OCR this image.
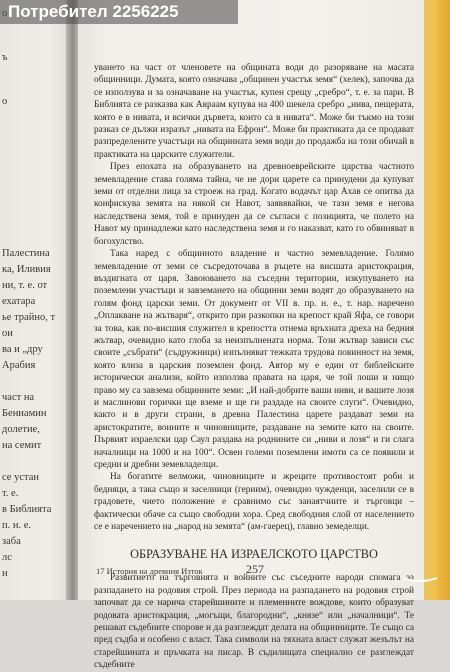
ъ
о
Палестина
ка, Иливия
ни, т. е. от
ехатара
ье трайно, т
ои
ва и „дру
Арабия
част на
Бениамин
долетие,
на семит
се устан
т. е.
в Библията
п. н. е.
заба
лс
н

уването на част от членовете на общината води до разоряване на масата общинници. Думата, която означава „общинен участък земя“ (хелек), започва да се използува и за означаване на участък, купен срещу „сребро“, т. е. за пари. В Библията се разказва как Авраам купува на 400 шекела сребро „нива, пещерата, която е в нивата, и всички дървета, които са в нивата“. Може би тъкмо на този разказ се дължи изразът „нивата на Ефрон“. Може би практиката да се продават разпределените участъци на общинната земя води до продажба на този обичай в практиката на царските служители.

През епохата на образуването на древноеврейските царства частното земевладение става голяма тайна, че не дори царете са принудени да купуват земи от отделни лица за строеж на град. Когато водачът цар Ахав се опитва да конфискува земята на някой си Навот, заявявайки, че тази земя е негова наследствена земя, той е принуден да се съгласи с позицията, че полето на Навот му принадлежи като наследствена земя и го наказват, като го обвиняват в богохулство.

Така наред с общинното владение и частно земевладение. Голямо земевладение от земи се съсредоточава в ръцете на висшата аристокрация, въздигната от царя. Завоюването на съседни територии, изкупуването на поземлени участъци и завземането на общинни земи водят до образуването на голям фонд царски земи. От документ от VII в. пр. н. е., т. нар. наречено „Оплакване на жътваря“, открито при разкопки на крепост край Яфа, се говори за това, как по-висшия служител в крепостта отнема връхната дреха на бедния жътвар, очевидно като глоба за неизпълнената норма. Този жътвар зависи със своите „събрати“ (съдружници) изпълняват тежката трудова повинност на земя, която влиза в царския поземлен фонд. Автор му е един от библейските исторически анализи, който използва правата на царя, че той лоши и нищо право му са завзема общинните земи: „И най-добрите ваши ниви, и вашите лозя и маслинови горички ще вземе и ще ги раздаде на своите слуги“. Очевидно, както и в други страни, в древна Палестина царете раздават земи на аристократите, воините и чиновниците, раздаване на земите като на своите. Първият израелски цар Саул раздава на роднините си „ниви и лозя“ и ги слага началници на 1000 и на 100“. Освен големи поземлени имоти са се появили и средни и дребни земевладелци.

На богатите велможи, чиновниците и жреците противостоят роби и бедняци, а така също и заселници (гериим), очевидно чужденци, заселили се в градовете, чието положение е сравнимо със занаятчиите и търговци – фактически обаче са също свободни хора. Сред свободния слой от населението се е наречението на „народ на земята“ (ам-гаерец), главно земеделци.

ОБРАЗУВАНЕ НА ИЗРАЕЛСКОТО ЦАРСТВО

Развитието на търговията и войните със съседните народи спомага за разпадането на родовия строй. През периода на разпадането на родовия строй започват да се нарича старейшините и племенните вождове, които образуват родовата аристокрация, „могъщи, благородни“, „князе“ или „началници“. Те решават съдебните спорове и да разглеждат делата на общинниците. Те също са пред съдба и особено с власт. Така символи на тяхната власт служат жезълът на старейшината и пръчката на писар. В съдилищата специално се разглеждат съдебните

17 История на древния Изток	257
Потребител 2256225
